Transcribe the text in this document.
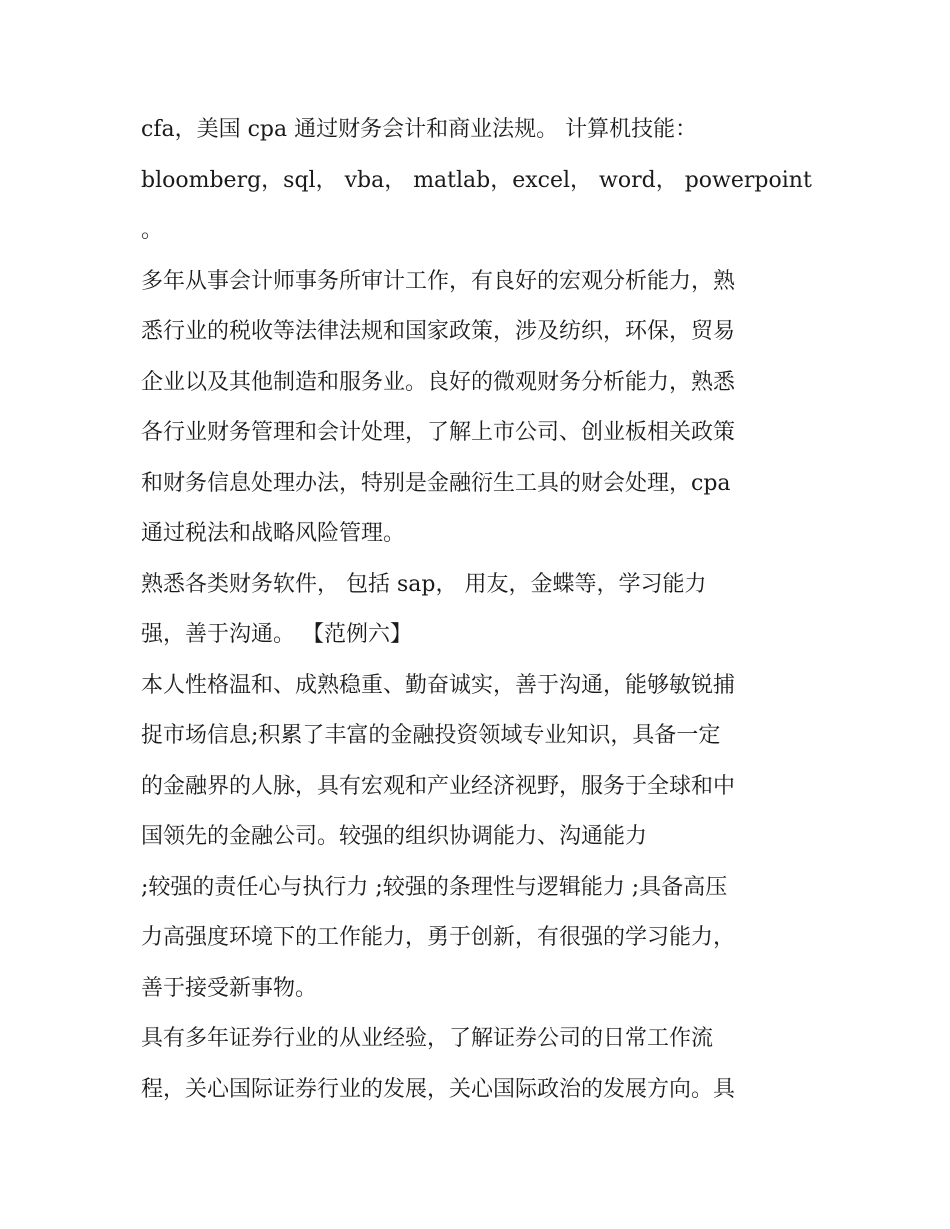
cfa，美国 cpa 通过财务会计和商业法规。 计算机技能：
bloomberg，sql， vba， matlab，excel， word， powerpoint
。
多年从事会计师事务所审计工作，有良好的宏观分析能力，熟
悉行业的税收等法律法规和国家政策，涉及纺织，环保，贸易
企业以及其他制造和服务业。良好的微观财务分析能力，熟悉
各行业财务管理和会计处理，了解上市公司、创业板相关政策
和财务信息处理办法，特别是金融衍生工具的财会处理，cpa
通过税法和战略风险管理。
熟悉各类财务软件， 包括 sap， 用友，金蝶等，学习能力
强，善于沟通。 【范例六】
本人性格温和、成熟稳重、勤奋诚实，善于沟通，能够敏锐捕
捉市场信息;积累了丰富的金融投资领域专业知识，具备一定
的金融界的人脉，具有宏观和产业经济视野，服务于全球和中
国领先的金融公司。较强的组织协调能力、沟通能力
;较强的责任心与执行力 ;较强的条理性与逻辑能力 ;具备高压
力高强度环境下的工作能力，勇于创新，有很强的学习能力，
善于接受新事物。
具有多年证券行业的从业经验，了解证券公司的日常工作流
程，关心国际证券行业的发展，关心国际政治的发展方向。具
